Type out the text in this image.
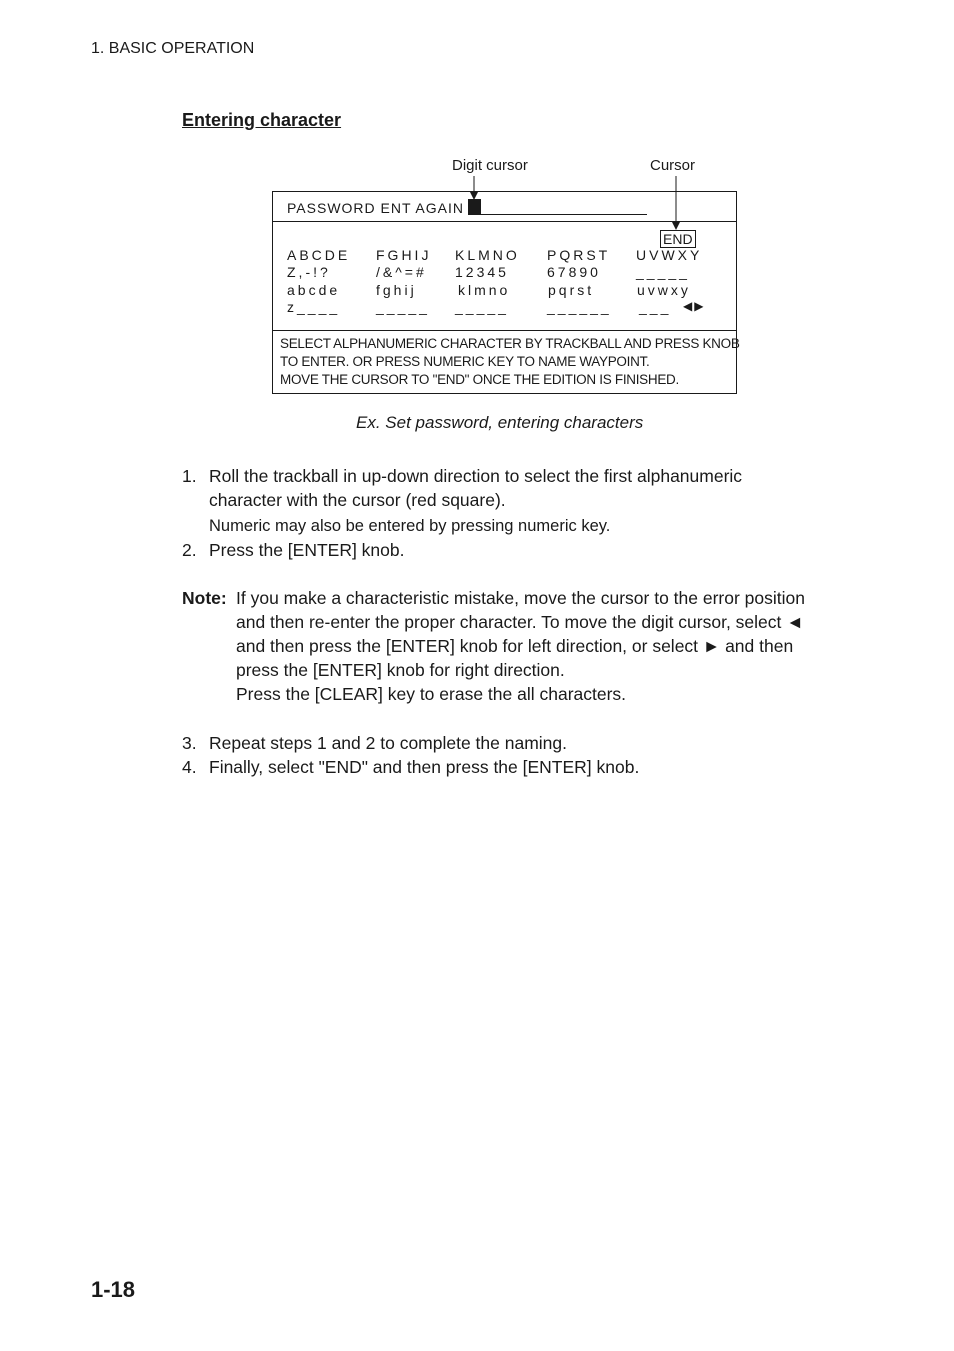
1. BASIC OPERATION
Entering character
Digit cursor	Cursor
PASSWORD ENT AGAIN
END
ABCDE FGHIJ KLMNO PQRST UVWXY
Z,-!?	/&^=# 12345	67890	_____
abcde	fghij	klmno	pqrst	uvwxy
z____	_____ _____	______ ___ ◀▶
SELECT ALPHANUMERIC CHARACTER BY TRACKBALL AND PRESS KNOB
TO ENTER. OR PRESS NUMERIC KEY TO NAME WAYPOINT.
MOVE THE CURSOR TO "END" ONCE THE EDITION IS FINISHED.
Ex. Set password, entering characters
1. Roll the trackball in up-down direction to select the first alphanumeric
character with the cursor (red square).
Numeric may also be entered by pressing numeric key.
2. Press the [ENTER] knob.
Note: If you make a characteristic mistake, move the cursor to the error position
and then re-enter the proper character. To move the digit cursor, select ◄
and then press the [ENTER] knob for left direction, or select ► and then
press the [ENTER] knob for right direction.
Press the [CLEAR] key to erase the all characters.
3. Repeat steps 1 and 2 to complete the naming.
4. Finally, select "END" and then press the [ENTER] knob.
1-18
